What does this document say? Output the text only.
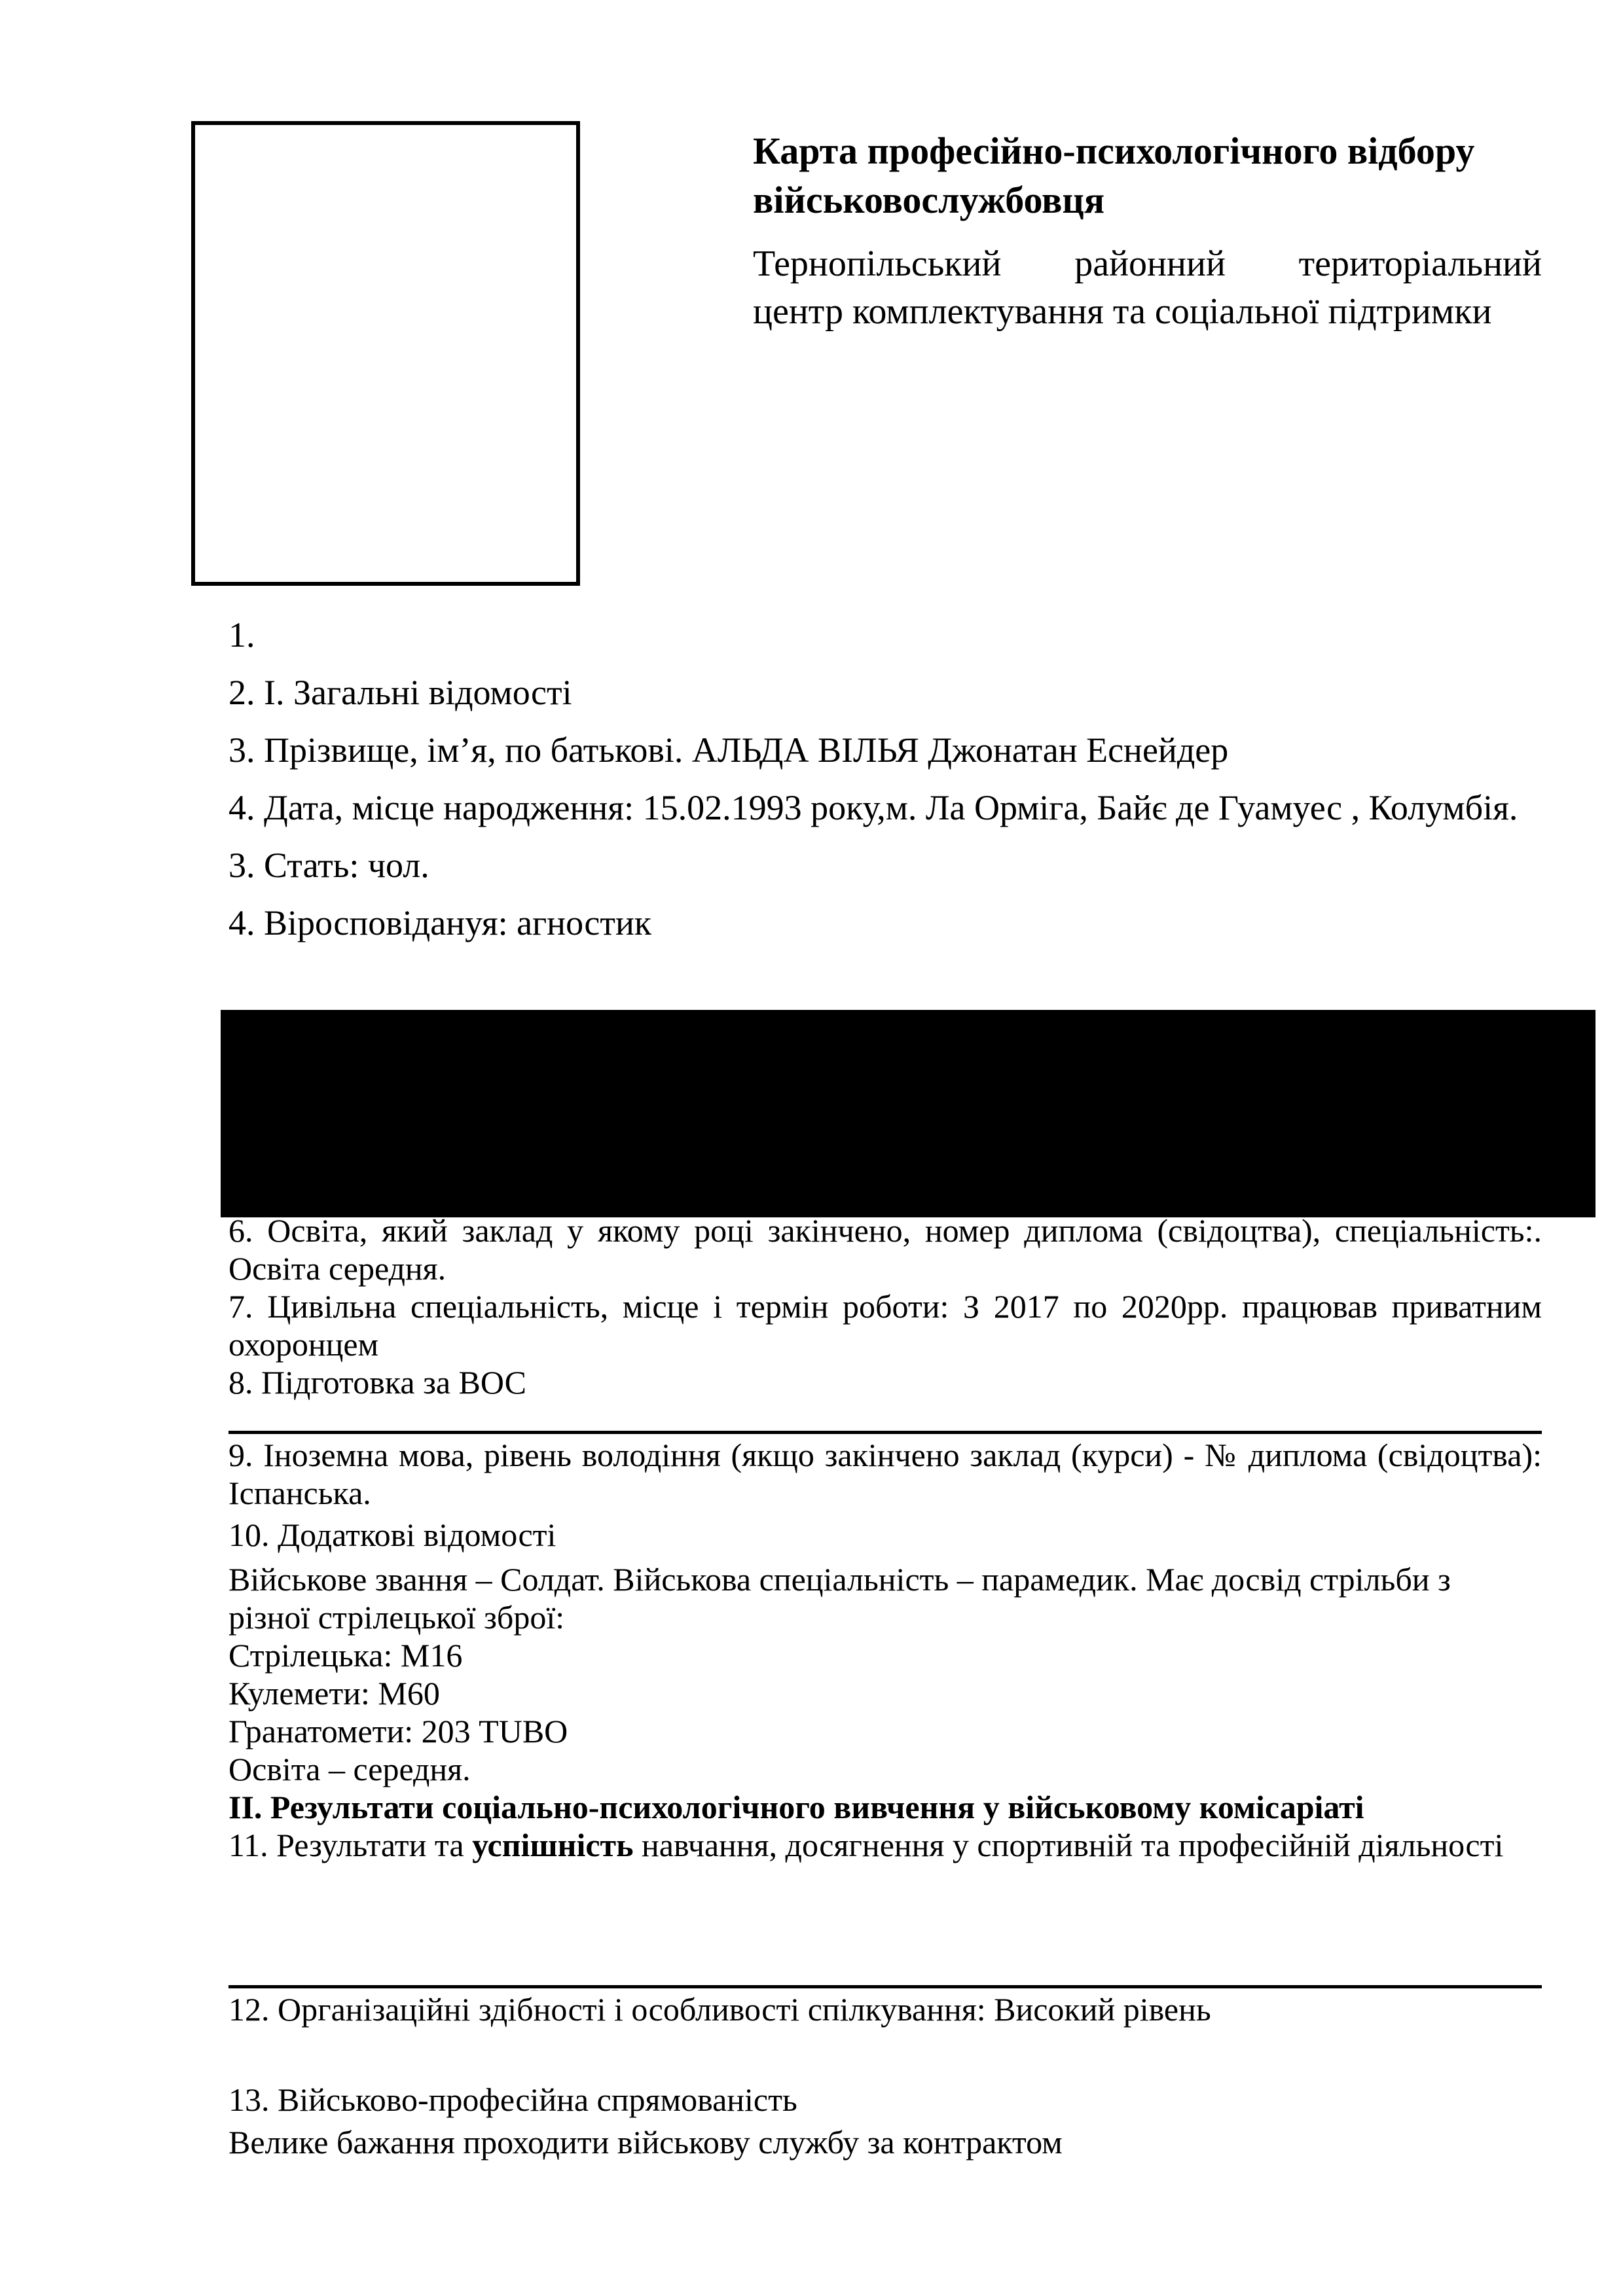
Карта професійно-психологічного відбору
військовослужбовця
Тернопільський районний територіальний
центр комплектування та соціальної підтримки
1.
2. І. Загальні відомості
3. Прізвище, ім’я, по батькові. АЛЬДА ВІЛЬЯ Джонатан Еснейдер
4. Дата, місце народження: 15.02.1993 року,м. Ла Орміга, Байє де Гуамуес , Колумбія.
3. Стать: чол.
4. Віросповідануя: агностик
6. Освіта, який заклад у якому році закінчено, номер диплома (свідоцтва), спеціальність:.
Освіта середня.
7. Цивільна спеціальність, місце і термін роботи: З 2017 по 2020рр. працював приватним
охоронцем
8. Підготовка за ВОС
9. Іноземна мова, рівень володіння (якщо закінчено заклад (курси) - № диплома (свідоцтва):
Іспанська.
10. Додаткові відомості
Військове звання – Солдат. Військова спеціальність – парамедик. Має досвід стрільби з
різної стрілецької зброї:
Стрілецька: М16
Кулемети: М60
Гранатомети: 203 TUBO
Освіта – середня.
ІІ. Результати соціально-психологічного вивчення у військовому комісаріаті
11. Результати та успішність навчання, досягнення у спортивній та професійній діяльності
12. Організаційні здібності і особливості спілкування: Високий рівень
13. Військово-професійна спрямованість
Велике бажання проходити військову службу за контрактом
